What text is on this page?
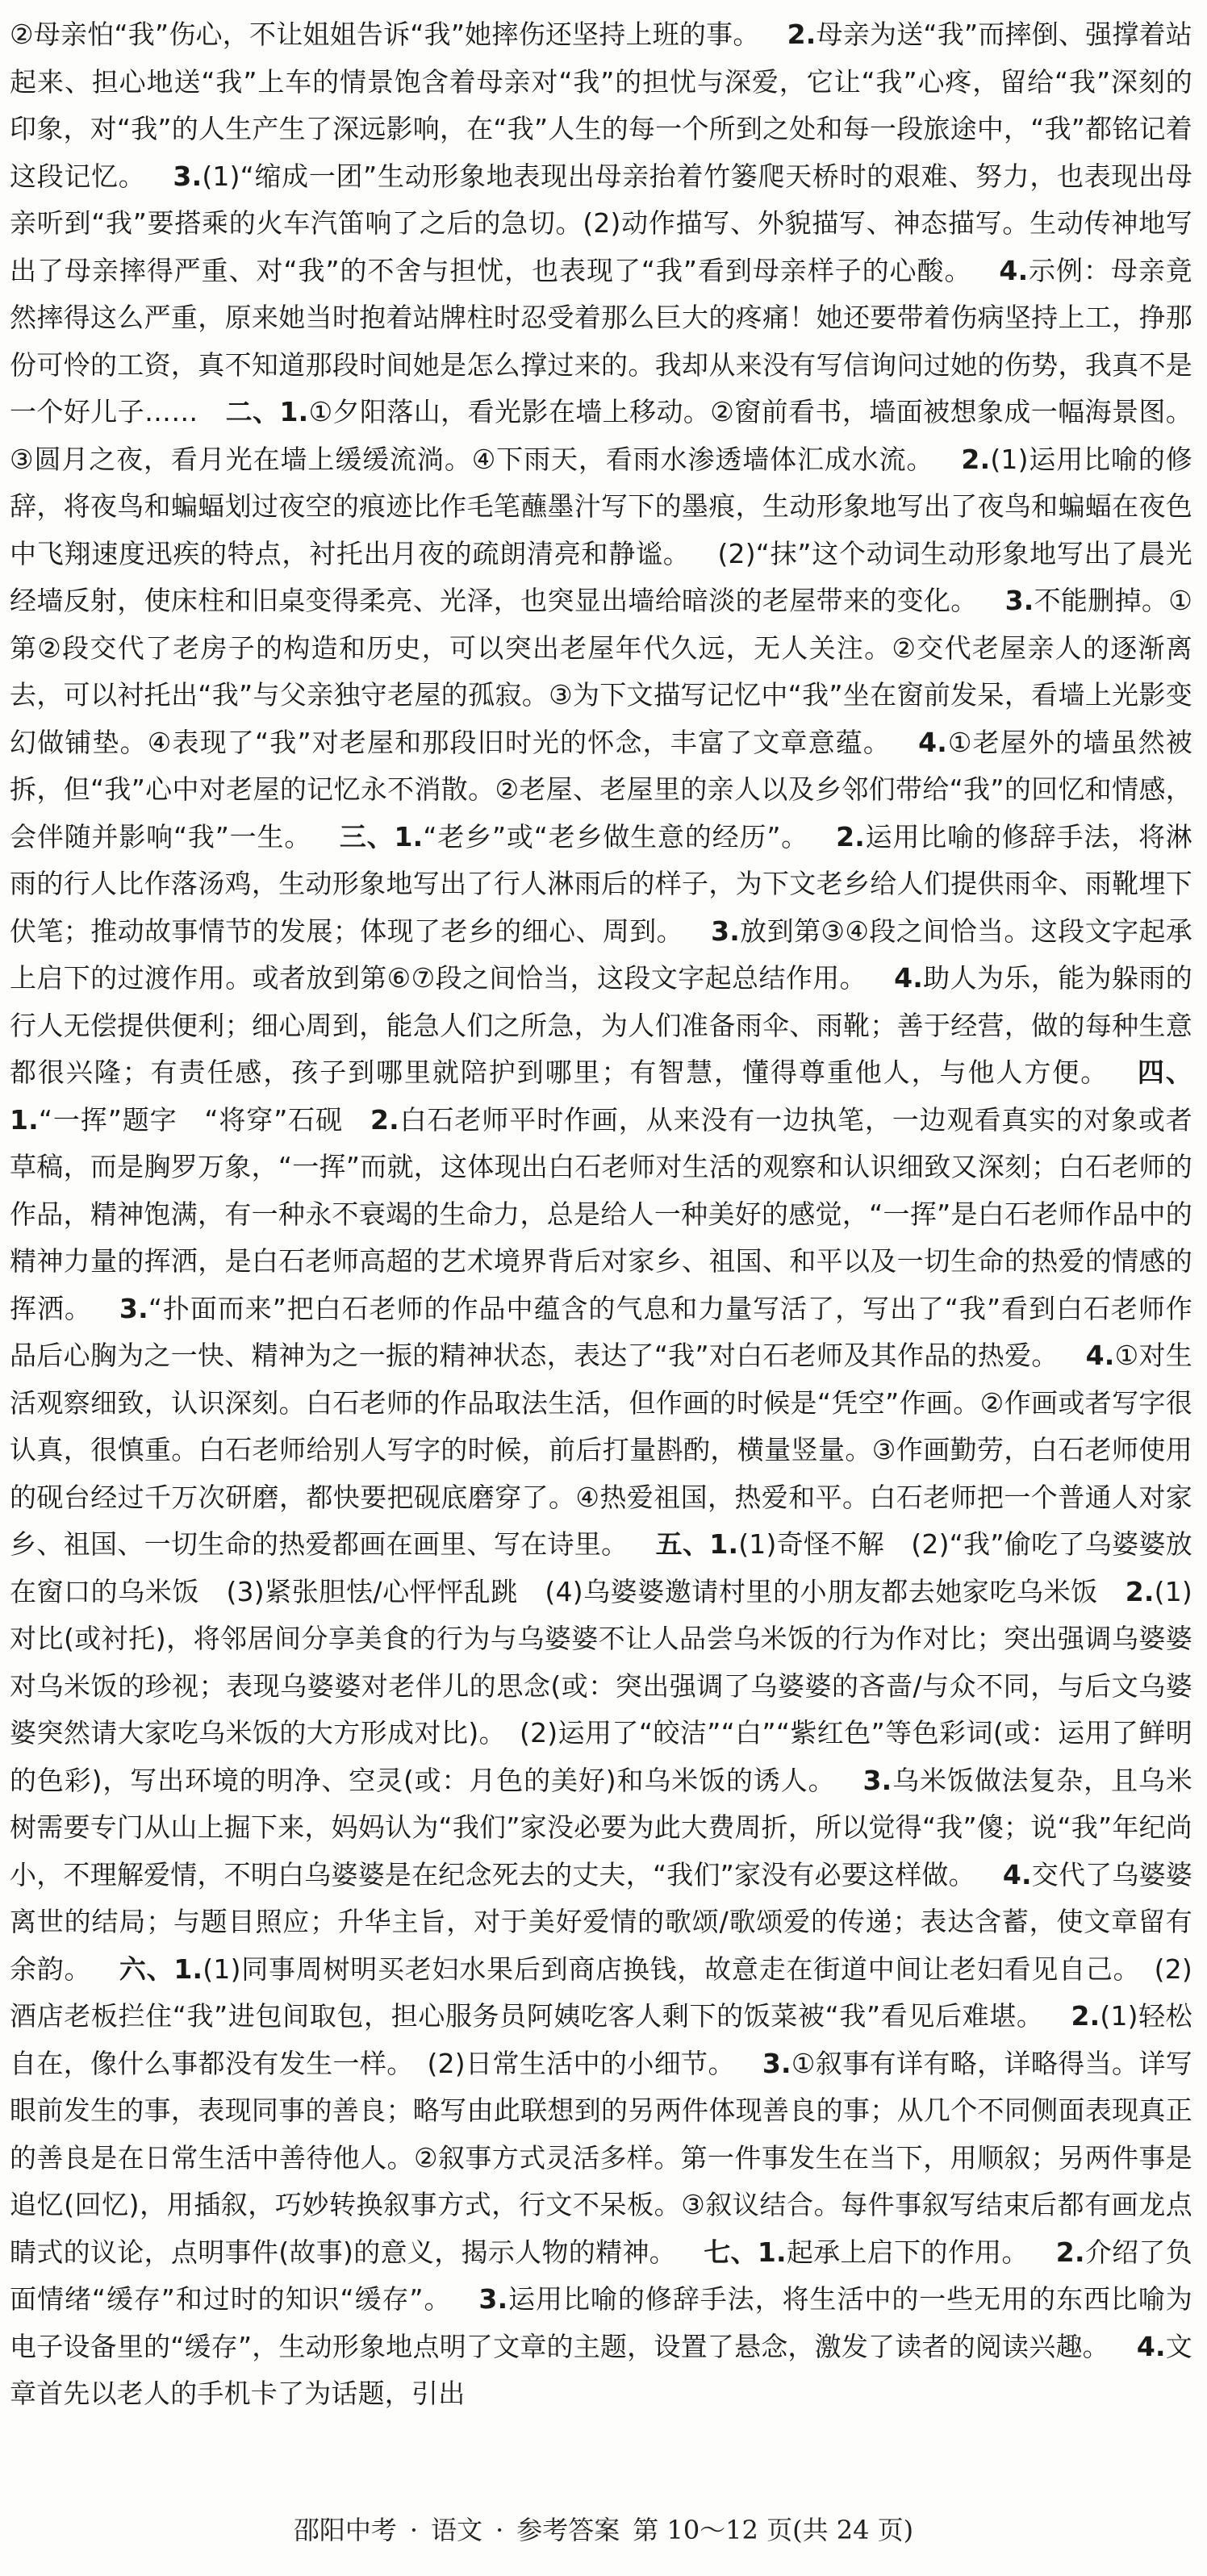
②母亲怕“我”伤心，不让姐姐告诉“我”她摔伤还坚持上班的事。 2.母亲为送“我”而摔倒、强撑着站起来、担心地送“我”上车的情景饱含着母亲对“我”的担忧与深爱，它让“我”心疼，留给“我”深刻的印象，对“我”的人生产生了深远影响，在“我”人生的每一个所到之处和每一段旅途中，“我”都铭记着这段记忆。 3.(1)“缩成一团”生动形象地表现出母亲抬着竹篓爬天桥时的艰难、努力，也表现出母亲听到“我”要搭乘的火车汽笛响了之后的急切。(2)动作描写、外貌描写、神态描写。生动传神地写出了母亲摔得严重、对“我”的不舍与担忧，也表现了“我”看到母亲样子的心酸。 4.示例：母亲竟然摔得这么严重，原来她当时抱着站牌柱时忍受着那么巨大的疼痛！她还要带着伤病坚持上工，挣那份可怜的工资，真不知道那段时间她是怎么撑过来的。我却从来没有写信询问过她的伤势，我真不是一个好儿子…… 二、1.①夕阳落山，看光影在墙上移动。②窗前看书，墙面被想象成一幅海景图。③圆月之夜，看月光在墙上缓缓流淌。④下雨天，看雨水渗透墙体汇成水流。 2.(1)运用比喻的修辞，将夜鸟和蝙蝠划过夜空的痕迹比作毛笔蘸墨汁写下的墨痕，生动形象地写出了夜鸟和蝙蝠在夜色中飞翔速度迅疾的特点，衬托出月夜的疏朗清亮和静谧。 (2)“抹”这个动词生动形象地写出了晨光经墙反射，使床柱和旧桌变得柔亮、光泽，也突显出墙给暗淡的老屋带来的变化。 3.不能删掉。①第②段交代了老房子的构造和历史，可以突出老屋年代久远，无人关注。②交代老屋亲人的逐渐离去，可以衬托出“我”与父亲独守老屋的孤寂。③为下文描写记忆中“我”坐在窗前发呆，看墙上光影变幻做铺垫。④表现了“我”对老屋和那段旧时光的怀念，丰富了文章意蕴。 4.①老屋外的墙虽然被拆，但“我”心中对老屋的记忆永不消散。②老屋、老屋里的亲人以及乡邻们带给“我”的回忆和情感，会伴随并影响“我”一生。 三、1.“老乡”或“老乡做生意的经历”。 2.运用比喻的修辞手法，将淋雨的行人比作落汤鸡，生动形象地写出了行人淋雨后的样子，为下文老乡给人们提供雨伞、雨靴埋下伏笔；推动故事情节的发展；体现了老乡的细心、周到。 3.放到第③④段之间恰当。这段文字起承上启下的过渡作用。或者放到第⑥⑦段之间恰当，这段文字起总结作用。 4.助人为乐，能为躲雨的行人无偿提供便利；细心周到，能急人们之所急，为人们准备雨伞、雨靴；善于经营，做的每种生意都很兴隆；有责任感，孩子到哪里就陪护到哪里；有智慧，懂得尊重他人，与他人方便。 四、1.“一挥”题字　“将穿”石砚 2.白石老师平时作画，从来没有一边执笔，一边观看真实的对象或者草稿，而是胸罗万象，“一挥”而就，这体现出白石老师对生活的观察和认识细致又深刻；白石老师的作品，精神饱满，有一种永不衰竭的生命力，总是给人一种美好的感觉，“一挥”是白石老师作品中的精神力量的挥洒，是白石老师高超的艺术境界背后对家乡、祖国、和平以及一切生命的热爱的情感的挥洒。 3.“扑面而来”把白石老师的作品中蕴含的气息和力量写活了，写出了“我”看到白石老师作品后心胸为之一快、精神为之一振的精神状态，表达了“我”对白石老师及其作品的热爱。 4.①对生活观察细致，认识深刻。白石老师的作品取法生活，但作画的时候是“凭空”作画。②作画或者写字很认真，很慎重。白石老师给别人写字的时候，前后打量斟酌，横量竖量。③作画勤劳，白石老师使用的砚台经过千万次研磨，都快要把砚底磨穿了。④热爱祖国，热爱和平。白石老师把一个普通人对家乡、祖国、一切生命的热爱都画在画里、写在诗里。 五、1.(1)奇怪不解　(2)“我”偷吃了乌婆婆放在窗口的乌米饭　(3)紧张胆怯/心怦怦乱跳　(4)乌婆婆邀请村里的小朋友都去她家吃乌米饭 2.(1)对比(或衬托)，将邻居间分享美食的行为与乌婆婆不让人品尝乌米饭的行为作对比；突出强调乌婆婆对乌米饭的珍视；表现乌婆婆对老伴儿的思念(或：突出强调了乌婆婆的吝啬/与众不同，与后文乌婆婆突然请大家吃乌米饭的大方形成对比)。　(2)运用了“皎洁”“白”“紫红色”等色彩词(或：运用了鲜明的色彩)，写出环境的明净、空灵(或：月色的美好)和乌米饭的诱人。 3.乌米饭做法复杂，且乌米树需要专门从山上掘下来，妈妈认为“我们”家没必要为此大费周折，所以觉得“我”傻；说“我”年纪尚小，不理解爱情，不明白乌婆婆是在纪念死去的丈夫，“我们”家没有必要这样做。 4.交代了乌婆婆离世的结局；与题目照应；升华主旨，对于美好爱情的歌颂/歌颂爱的传递；表达含蓄，使文章留有余韵。 六、1.(1)同事周树明买老妇水果后到商店换钱，故意走在街道中间让老妇看见自己。　(2)酒店老板拦住“我”进包间取包，担心服务员阿姨吃客人剩下的饭菜被“我”看见后难堪。 2.(1)轻松自在，像什么事都没有发生一样。　(2)日常生活中的小细节。 3.①叙事有详有略，详略得当。详写眼前发生的事，表现同事的善良；略写由此联想到的另两件体现善良的事；从几个不同侧面表现真正的善良是在日常生活中善待他人。②叙事方式灵活多样。第一件事发生在当下，用顺叙；另两件事是追忆(回忆)，用插叙，巧妙转换叙事方式，行文不呆板。③叙议结合。每件事叙写结束后都有画龙点睛式的议论，点明事件(故事)的意义，揭示人物的精神。 七、1.起承上启下的作用。 2.介绍了负面情绪“缓存”和过时的知识“缓存”。 3.运用比喻的修辞手法，将生活中的一些无用的东西比喻为电子设备里的“缓存”，生动形象地点明了文章的主题，设置了悬念，激发了读者的阅读兴趣。 4.文章首先以老人的手机卡了为话题，引出

邵阳中考 · 语文 · 参考答案 第 10～12 页(共 24 页)
